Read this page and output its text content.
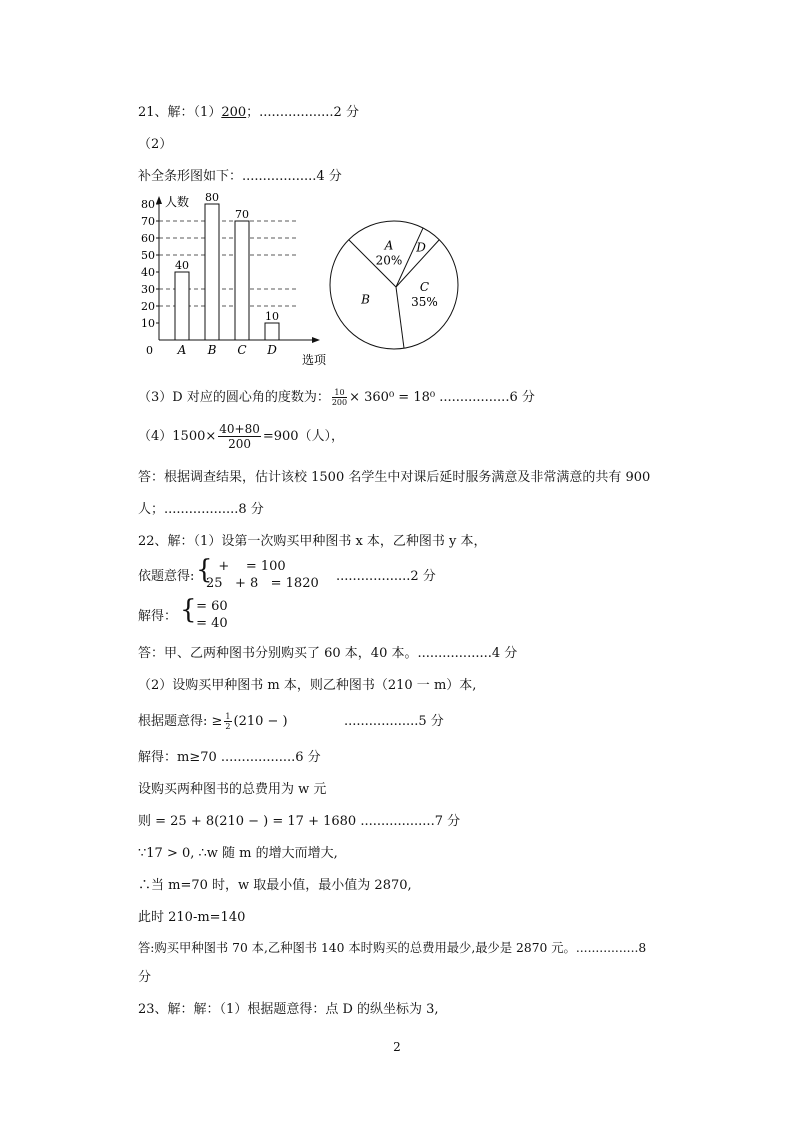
21、解：（1）200；..................2 分
（2）
补全条形图如下：..................4 分
人数
选项
0
10
20
30
40
50
60
70
80
40
A
80
B
70
C
10
D
A
20%
D
C
35%
B
（3）D 对应的圆心角的度数为： $\frac{10}{200} \times 360^0 = 18^0$ .................6 分
$(4)1500\times \frac{40+80}{200} =900$（人），
答：根据调查结果，估计该校 1500 名学生中对课后延时服务满意及非常满意的共有 900
人；..................8 分
22、解：（1）设第一次购买甲种图书 x 本，乙种图书 y 本，
依题意得: {
+    = 100
25   + 8   = 1820 ..................2 分
解得： {
= 60
= 40
答：甲、乙两种图书分别购买了 60 本，40 本。..................4 分
（2）设购买甲种图书 m 本，则乙种图书（210 一 m）本,
根据题意得: ≥ $\frac{1}{2} (210$ − )	..................5 分
解得：m≥70 ..................6 分
设购买两种图书的总费用为 w 元
则 = 25 + 8(210 − ) = 17 + 1680 ..................7 分
∵17 > 0, ∴w 随 m 的增大而增大,
∴当 m=70 时，w 取最小值，最小值为 2870,
此时 210-m=140
答:购买甲种图书 70 本,乙种图书 140 本时购买的总费用最少,最少是 2870 元。................8
分
23、解：解：（1）根据题意得：点 D 的纵坐标为 3,
2
